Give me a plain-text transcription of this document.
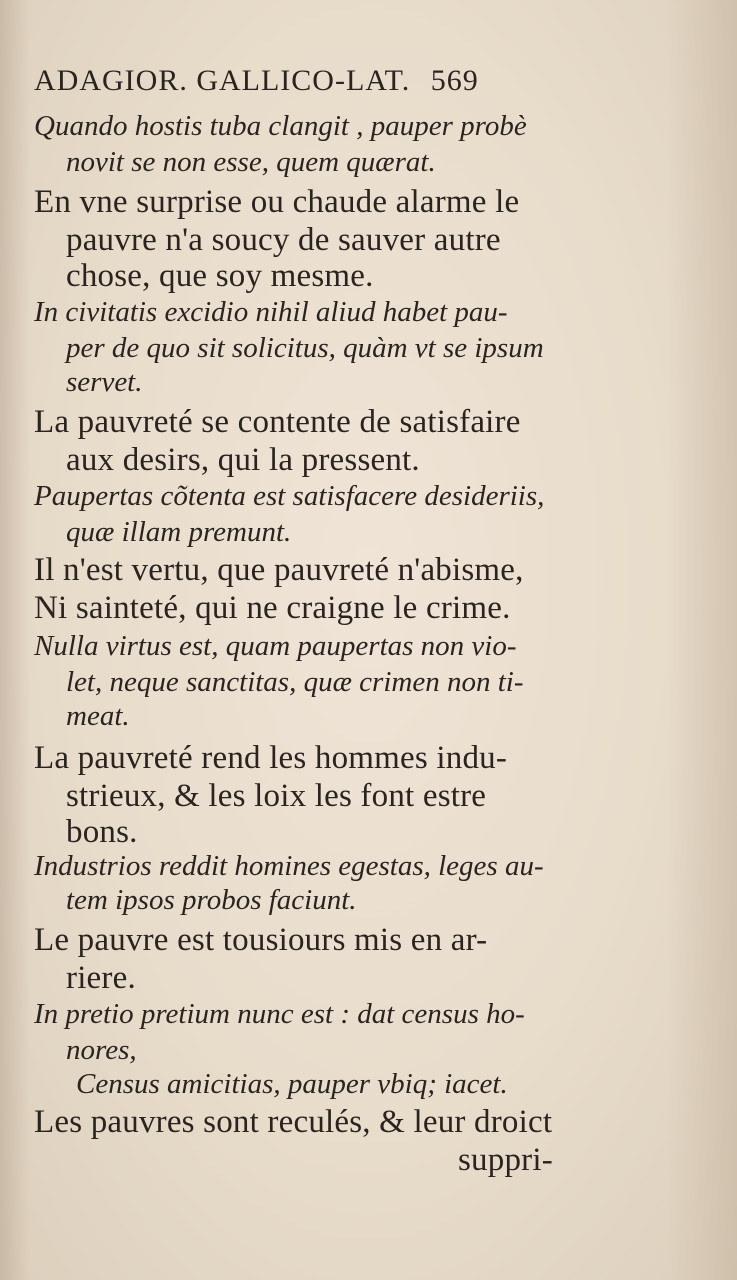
ADAGIOR. GALLICO-LAT. 569
Quando hostis tuba clangit , pauper probè
novit se non esse, quem quærat.
En vne surprise ou chaude alarme le
pauvre n'a soucy de sauver autre
chose, que soy mesme.
In civitatis excidio nihil aliud habet pau-
per de quo sit solicitus, quàm vt se ipsum
servet.
La pauvreté se contente de satisfaire
aux desirs, qui la pressent.
Paupertas cõtenta est satisfacere desideriis,
quæ illam premunt.
Il n'est vertu, que pauvreté n'abisme,
Ni sainteté, qui ne craigne le crime.
Nulla virtus est, quam paupertas non vio-
let, neque sanctitas, quæ crimen non ti-
meat.
La pauvreté rend les hommes indu-
strieux, & les loix les font estre
bons.
Industrios reddit homines egestas, leges au-
tem ipsos probos faciunt.
Le pauvre est tousiours mis en ar-
riere.
In pretio pretium nunc est : dat census ho-
nores,
Census amicitias, pauper vbiq; iacet.
Les pauvres sont reculés, & leur droict
suppri-
